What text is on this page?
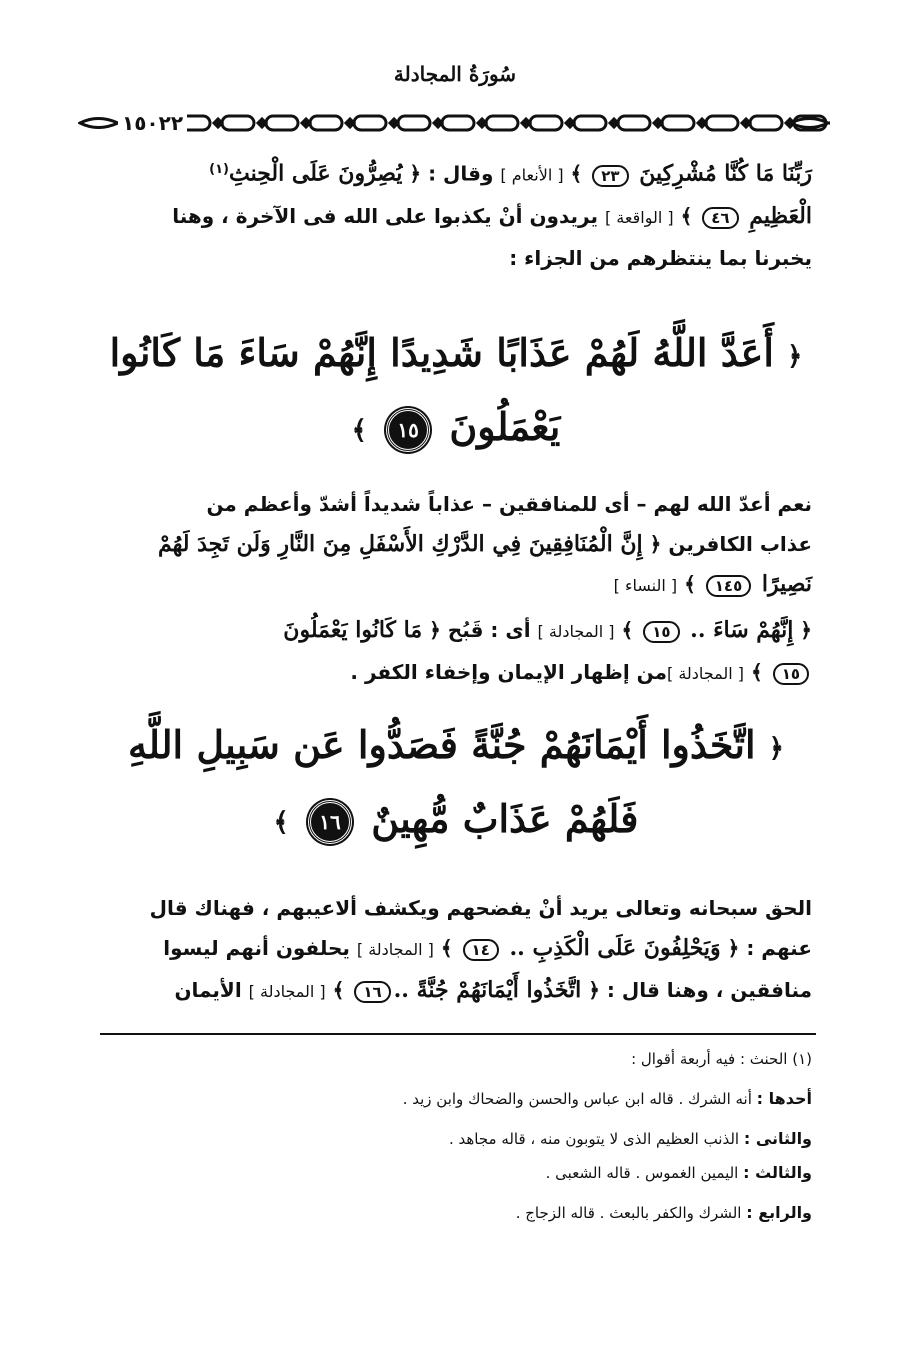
سُورَةُ المجادلة
١٥٠٢٢
رَبِّنَا مَا كُنَّا مُشْرِكِينَ ٢٣ ﴾ [ الأنعام ] وقال : ﴿ يُصِرُّونَ عَلَى الْحِنثِ$^{(١)}$
الْعَظِيمِ ٤٦ ﴾ [ الواقعة ] يريدون أنْ يكذبوا على الله فى الآخرة ، وهنا
يخبرنا بما ينتظرهم من الجزاء :
﴿ أَعَدَّ اللَّهُ لَهُمْ عَذَابًا شَدِيدًا إِنَّهُمْ سَاءَ مَا كَانُوا
يَعْمَلُونَ ١٥ ﴾
نعم أعدّ الله لهم – أى للمنافقين – عذاباً شديداً أشدّ وأعظم من
عذاب الكافرين ﴿ إِنَّ الْمُنَافِقِينَ فِي الدَّرْكِ الأَسْفَلِ مِنَ النَّارِ وَلَن تَجِدَ لَهُمْ
نَصِيرًا ١٤٥ ﴾ [ النساء ]
﴿ إِنَّهُمْ سَاءَ .. ١٥ ﴾ [ المجادلة ] أى : قَبُح ﴿ مَا كَانُوا يَعْمَلُونَ
١٥ ﴾ [ المجادلة ]من إظهار الإيمان وإخفاء الكفر .
﴿ اتَّخَذُوا أَيْمَانَهُمْ جُنَّةً فَصَدُّوا عَن سَبِيلِ اللَّهِ
فَلَهُمْ عَذَابٌ مُّهِينٌ ١٦ ﴾
الحق سبحانه وتعالى يريد أنْ يفضحهم ويكشف ألاعيبهم ، فهناك قال
عنهم : ﴿ وَيَحْلِفُونَ عَلَى الْكَذِبِ .. ١٤ ﴾ [ المجادلة ] يحلفون أنهم ليسوا
منافقين ، وهنا قال : ﴿ اتَّخَذُوا أَيْمَانَهُمْ جُنَّةً ..١٦ ﴾ [ المجادلة ] الأيمان
(١) الحنث : فيه أربعة أقوال :
أحدها : أنه الشرك . قاله ابن عباس والحسن والضحاك وابن زيد .
والثانى : الذنب العظيم الذى لا يتوبون منه ، قاله مجاهد .
والثالث : اليمين الغموس . قاله الشعبى .
والرابع : الشرك والكفر بالبعث . قاله الزجاج .
